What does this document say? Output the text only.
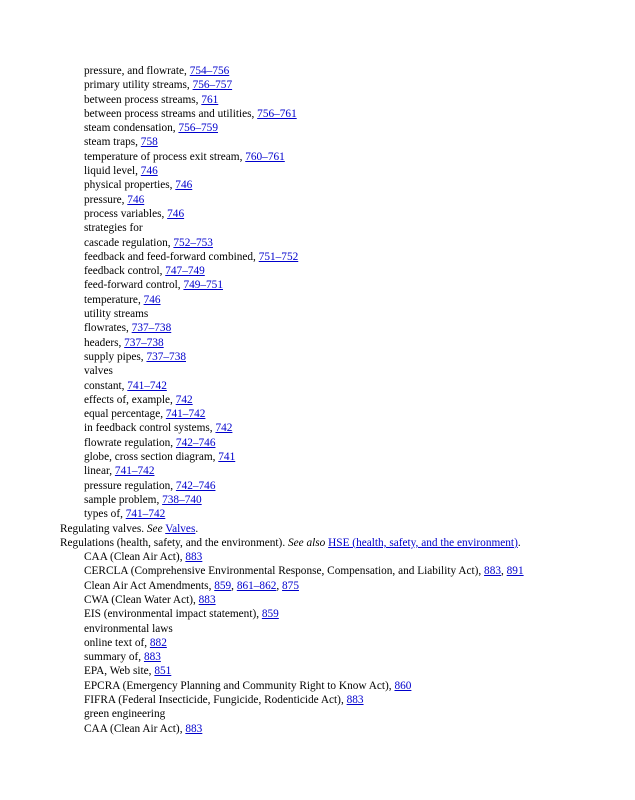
pressure, and flowrate, 754–756
primary utility streams, 756–757
between process streams, 761
between process streams and utilities, 756–761
steam condensation, 756–759
steam traps, 758
temperature of process exit stream, 760–761
liquid level, 746
physical properties, 746
pressure, 746
process variables, 746
strategies for
cascade regulation, 752–753
feedback and feed-forward combined, 751–752
feedback control, 747–749
feed-forward control, 749–751
temperature, 746
utility streams
flowrates, 737–738
headers, 737–738
supply pipes, 737–738
valves
constant, 741–742
effects of, example, 742
equal percentage, 741–742
in feedback control systems, 742
flowrate regulation, 742–746
globe, cross section diagram, 741
linear, 741–742
pressure regulation, 742–746
sample problem, 738–740
types of, 741–742
Regulating valves. See Valves.
Regulations (health, safety, and the environment). See also HSE (health, safety, and the environment).
CAA (Clean Air Act), 883
CERCLA (Comprehensive Environmental Response, Compensation, and Liability Act), 883, 891
Clean Air Act Amendments, 859, 861–862, 875
CWA (Clean Water Act), 883
EIS (environmental impact statement), 859
environmental laws
online text of, 882
summary of, 883
EPA, Web site, 851
EPCRA (Emergency Planning and Community Right to Know Act), 860
FIFRA (Federal Insecticide, Fungicide, Rodenticide Act), 883
green engineering
CAA (Clean Air Act), 883
